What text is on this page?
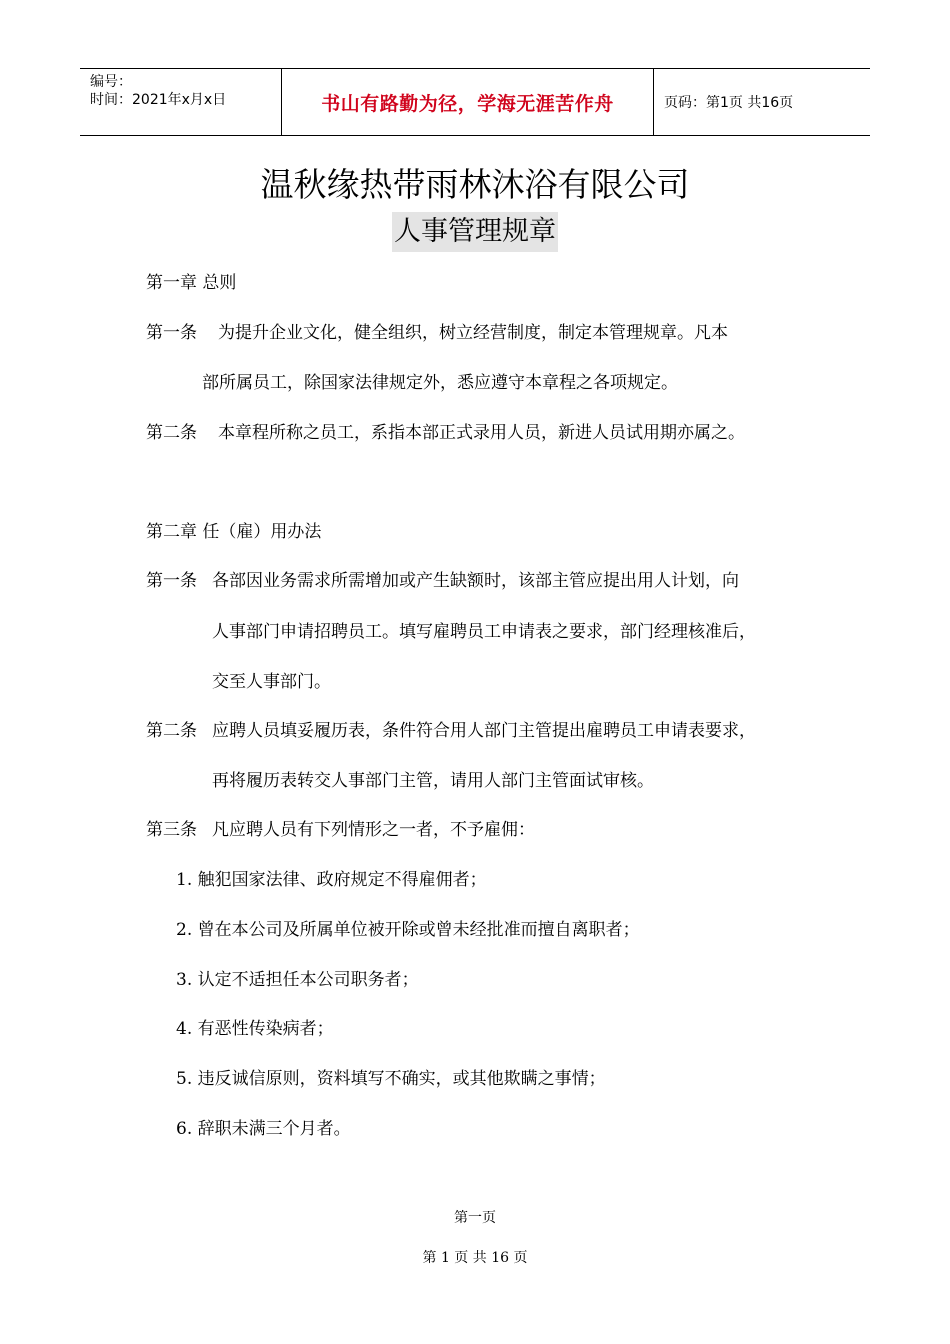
编号：
时间：2021年x月x日	书山有路勤为径，学海无涯苦作舟	页码：第1页 共16页
温秋缘热带雨林沐浴有限公司
人事管理规章
第一章 总则
第一条 为提升企业文化，健全组织，树立经营制度，制定本管理规章。凡本
部所属员工，除国家法律规定外，悉应遵守本章程之各项规定。
第二条 本章程所称之员工，系指本部正式录用人员，新进人员试用期亦属之。
第二章 任（雇）用办法
第一条 各部因业务需求所需增加或产生缺额时，该部主管应提出用人计划，向
人事部门申请招聘员工。填写雇聘员工申请表之要求，部门经理核准后，
交至人事部门。
第二条 应聘人员填妥履历表，条件符合用人部门主管提出雇聘员工申请表要求，
再将履历表转交人事部门主管，请用人部门主管面试审核。
第三条 凡应聘人员有下列情形之一者，不予雇佣：
1. 触犯国家法律、政府规定不得雇佣者；
2. 曾在本公司及所属单位被开除或曾未经批准而擅自离职者；
3. 认定不适担任本公司职务者；
4. 有恶性传染病者；
5. 违反诚信原则，资料填写不确实，或其他欺瞒之事情；
6. 辞职未满三个月者。
第一页
第 1 页 共 16 页
